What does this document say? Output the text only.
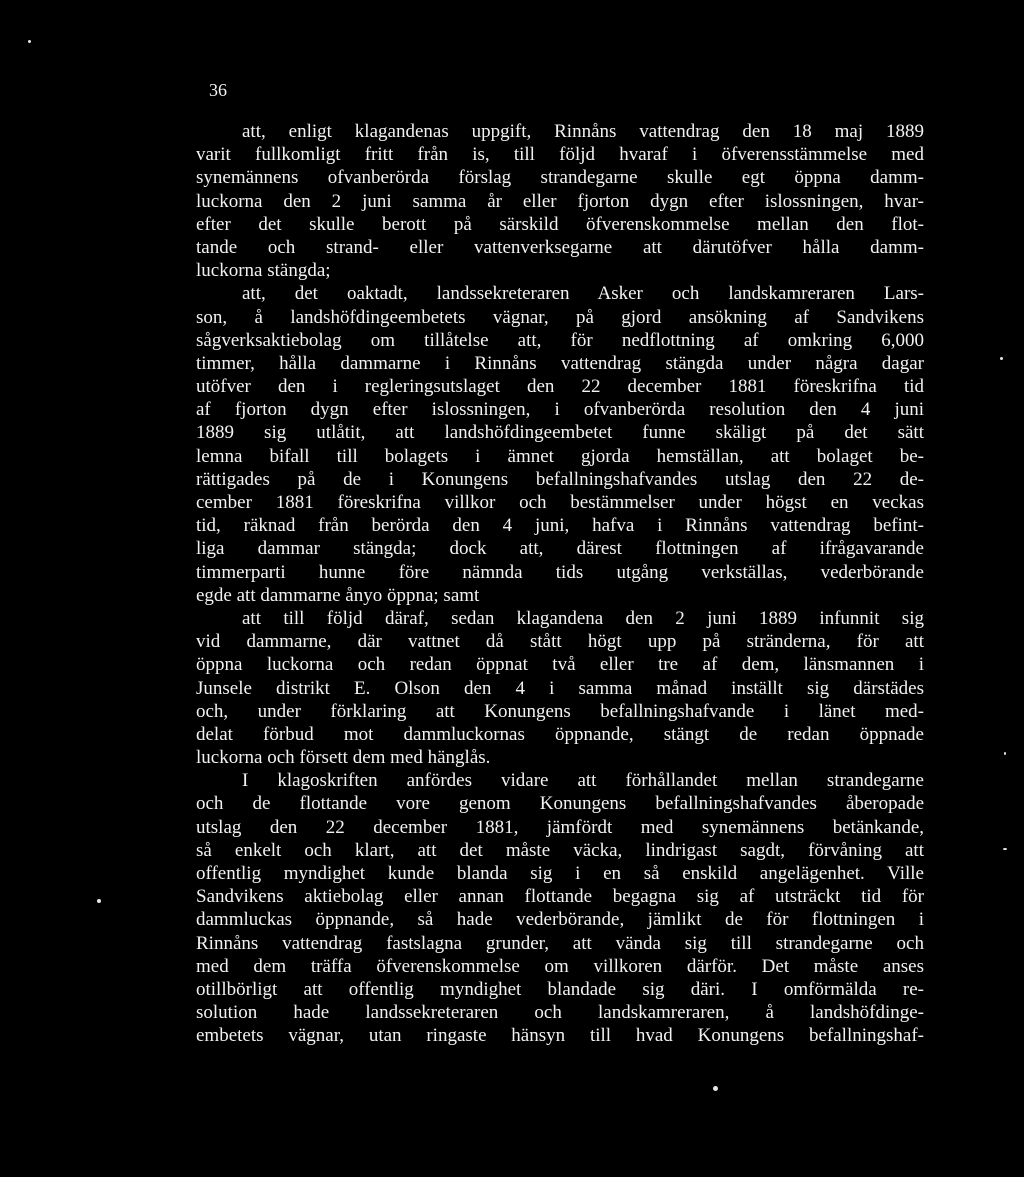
36
att, enligt klagandenas uppgift, Rinnåns vattendrag den 18 maj 1889
varit fullkomligt fritt från is, till följd hvaraf i öfverensstämmelse med
synemännens ofvanberörda förslag strandegarne skulle egt öppna damm-
luckorna den 2 juni samma år eller fjorton dygn efter islossningen, hvar-
efter det skulle berott på särskild öfverenskommelse mellan den flot-
tande och strand- eller vattenverksegarne att därutöfver hålla damm-
luckorna stängda;
att, det oaktadt, landssekreteraren Asker och landskamreraren Lars-
son, å landshöfdingeembetets vägnar, på gjord ansökning af Sandvikens
sågverksaktiebolag om tillåtelse att, för nedflottning af omkring 6,000
timmer, hålla dammarne i Rinnåns vattendrag stängda under några dagar
utöfver den i regleringsutslaget den 22 december 1881 föreskrifna tid
af fjorton dygn efter islossningen, i ofvanberörda resolution den 4 juni
1889 sig utlåtit, att landshöfdingeembetet funne skäligt på det sätt
lemna bifall till bolagets i ämnet gjorda hemställan, att bolaget be-
rättigades på de i Konungens befallningshafvandes utslag den 22 de-
cember 1881 föreskrifna villkor och bestämmelser under högst en veckas
tid, räknad från berörda den 4 juni, hafva i Rinnåns vattendrag befint-
liga dammar stängda; dock att, därest flottningen af ifrågavarande
timmerparti hunne före nämnda tids utgång verkställas, vederbörande
egde att dammarne ånyo öppna; samt
att till följd däraf, sedan klagandena den 2 juni 1889 infunnit sig
vid dammarne, där vattnet då stått högt upp på stränderna, för att
öppna luckorna och redan öppnat två eller tre af dem, länsmannen i
Junsele distrikt E. Olson den 4 i samma månad inställt sig därstädes
och, under förklaring att Konungens befallningshafvande i länet med-
delat förbud mot dammluckornas öppnande, stängt de redan öppnade
luckorna och försett dem med hänglås.
I klagoskriften anfördes vidare att förhållandet mellan strandegarne
och de flottande vore genom Konungens befallningshafvandes åberopade
utslag den 22 december 1881, jämfördt med synemännens betänkande,
så enkelt och klart, att det måste väcka, lindrigast sagdt, förvåning att
offentlig myndighet kunde blanda sig i en så enskild angelägenhet. Ville
Sandvikens aktiebolag eller annan flottande begagna sig af utsträckt tid för
dammluckas öppnande, så hade vederbörande, jämlikt de för flottningen i
Rinnåns vattendrag fastslagna grunder, att vända sig till strandegarne och
med dem träffa öfverenskommelse om villkoren därför. Det måste anses
otillbörligt att offentlig myndighet blandade sig däri. I omförmälda re-
solution hade landssekreteraren och landskamreraren, å landshöfdinge-
embetets vägnar, utan ringaste hänsyn till hvad Konungens befallningshaf-
